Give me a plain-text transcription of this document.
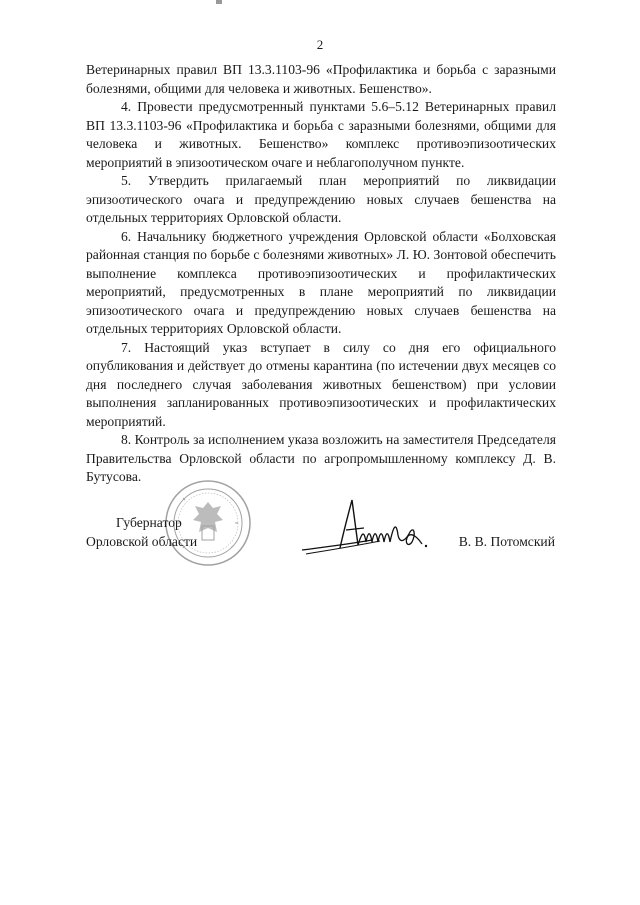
2

Ветеринарных правил ВП 13.3.1103-96 «Профилактика и борьба с заразными болезнями, общими для человека и животных. Бешенство».

4. Провести предусмотренный пунктами 5.6–5.12 Ветеринарных правил ВП 13.3.1103-96 «Профилактика и борьба с заразными болезнями, общими для человека и животных. Бешенство» комплекс противоэпизоотических мероприятий в эпизоотическом очаге и неблагополучном пункте.

5. Утвердить прилагаемый план мероприятий по ликвидации эпизоотического очага и предупреждению новых случаев бешенства на отдельных территориях Орловской области.

6. Начальнику бюджетного учреждения Орловской области «Болховская районная станция по борьбе с болезнями животных» Л. Ю. Зонтовой обеспечить выполнение комплекса противоэпизоотических и профилактических мероприятий, предусмотренных в плане мероприятий по ликвидации эпизоотического очага и предупреждению новых случаев бешенства на отдельных территориях Орловской области.

7. Настоящий указ вступает в силу со дня его официального опубликования и действует до отмены карантина (по истечении двух месяцев со дня последнего случая заболевания животных бешенством) при условии выполнения запланированных противоэпизоотических и профилактических мероприятий.

8. Контроль за исполнением указа возложить на заместителя Председателя Правительства Орловской области по агропромышленному комплексу Д. В. Бутусова.

Губернатор
Орловской области	В. В. Потомский
